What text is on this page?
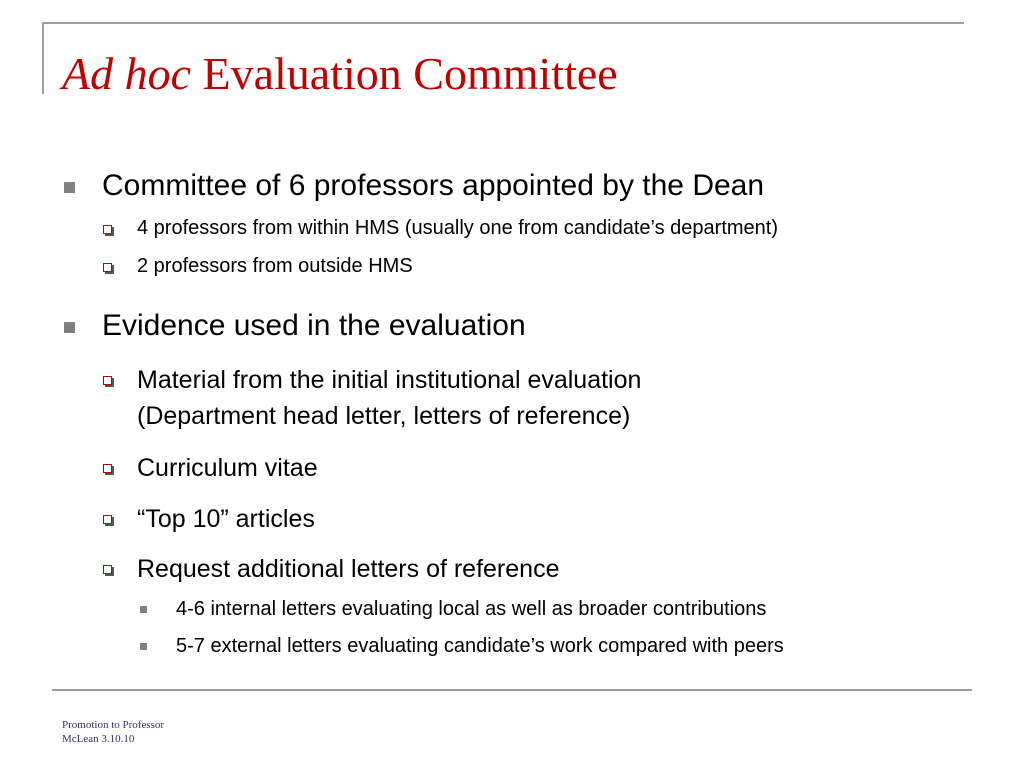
Ad hoc Evaluation Committee
Committee of 6 professors appointed by the Dean
4 professors from within HMS (usually one from candidate’s department)
2 professors from outside HMS
Evidence used in the evaluation
Material from the initial institutional evaluation
(Department head letter, letters of reference)
Curriculum vitae
“Top 10” articles
Request additional letters of reference
4-6 internal letters evaluating local as well as broader contributions
5-7 external letters evaluating candidate’s work compared with peers
Promotion to Professor
McLean 3.10.10
